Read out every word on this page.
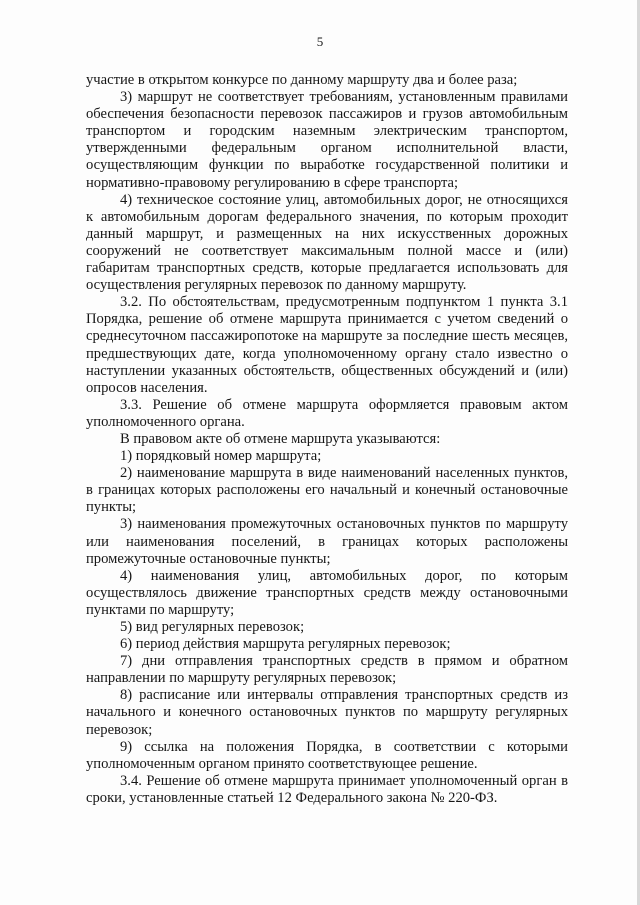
5

участие в открытом конкурсе по данному маршруту два и более раза;

3) маршрут не соответствует требованиям, установленным правилами обеспечения безопасности перевозок пассажиров и грузов автомобильным транспортом и городским наземным электрическим транспортом, утвержденными федеральным органом исполнительной власти, осуществляющим функции по выработке государственной политики и нормативно-правовому регулированию в сфере транспорта;

4) техническое состояние улиц, автомобильных дорог, не относящихся к автомобильным дорогам федерального значения, по которым проходит данный маршрут, и размещенных на них искусственных дорожных сооружений не соответствует максимальным полной массе и (или) габаритам транспортных средств, которые предлагается использовать для осуществления регулярных перевозок по данному маршруту.

3.2. По обстоятельствам, предусмотренным подпунктом 1 пункта 3.1 Порядка, решение об отмене маршрута принимается с учетом сведений о среднесуточном пассажиропотоке на маршруте за последние шесть месяцев, предшествующих дате, когда уполномоченному органу стало известно о наступлении указанных обстоятельств, общественных обсуждений и (или) опросов населения.

3.3. Решение об отмене маршрута оформляется правовым актом уполномоченного органа.

В правовом акте об отмене маршрута указываются:

1) порядковый номер маршрута;

2) наименование маршрута в виде наименований населенных пунктов, в границах которых расположены его начальный и конечный остановочные пункты;

3) наименования промежуточных остановочных пунктов по маршруту или наименования поселений, в границах которых расположены промежуточные остановочные пункты;

4) наименования улиц, автомобильных дорог, по которым осуществлялось движение транспортных средств между остановочными пунктами по маршруту;

5) вид регулярных перевозок;

6) период действия маршрута регулярных перевозок;

7) дни отправления транспортных средств в прямом и обратном направлении по маршруту регулярных перевозок;

8) расписание или интервалы отправления транспортных средств из начального и конечного остановочных пунктов по маршруту регулярных перевозок;

9) ссылка на положения Порядка, в соответствии с которыми уполномоченным органом принято соответствующее решение.

3.4. Решение об отмене маршрута принимает уполномоченный орган в сроки, установленные статьей 12 Федерального закона № 220-ФЗ.
